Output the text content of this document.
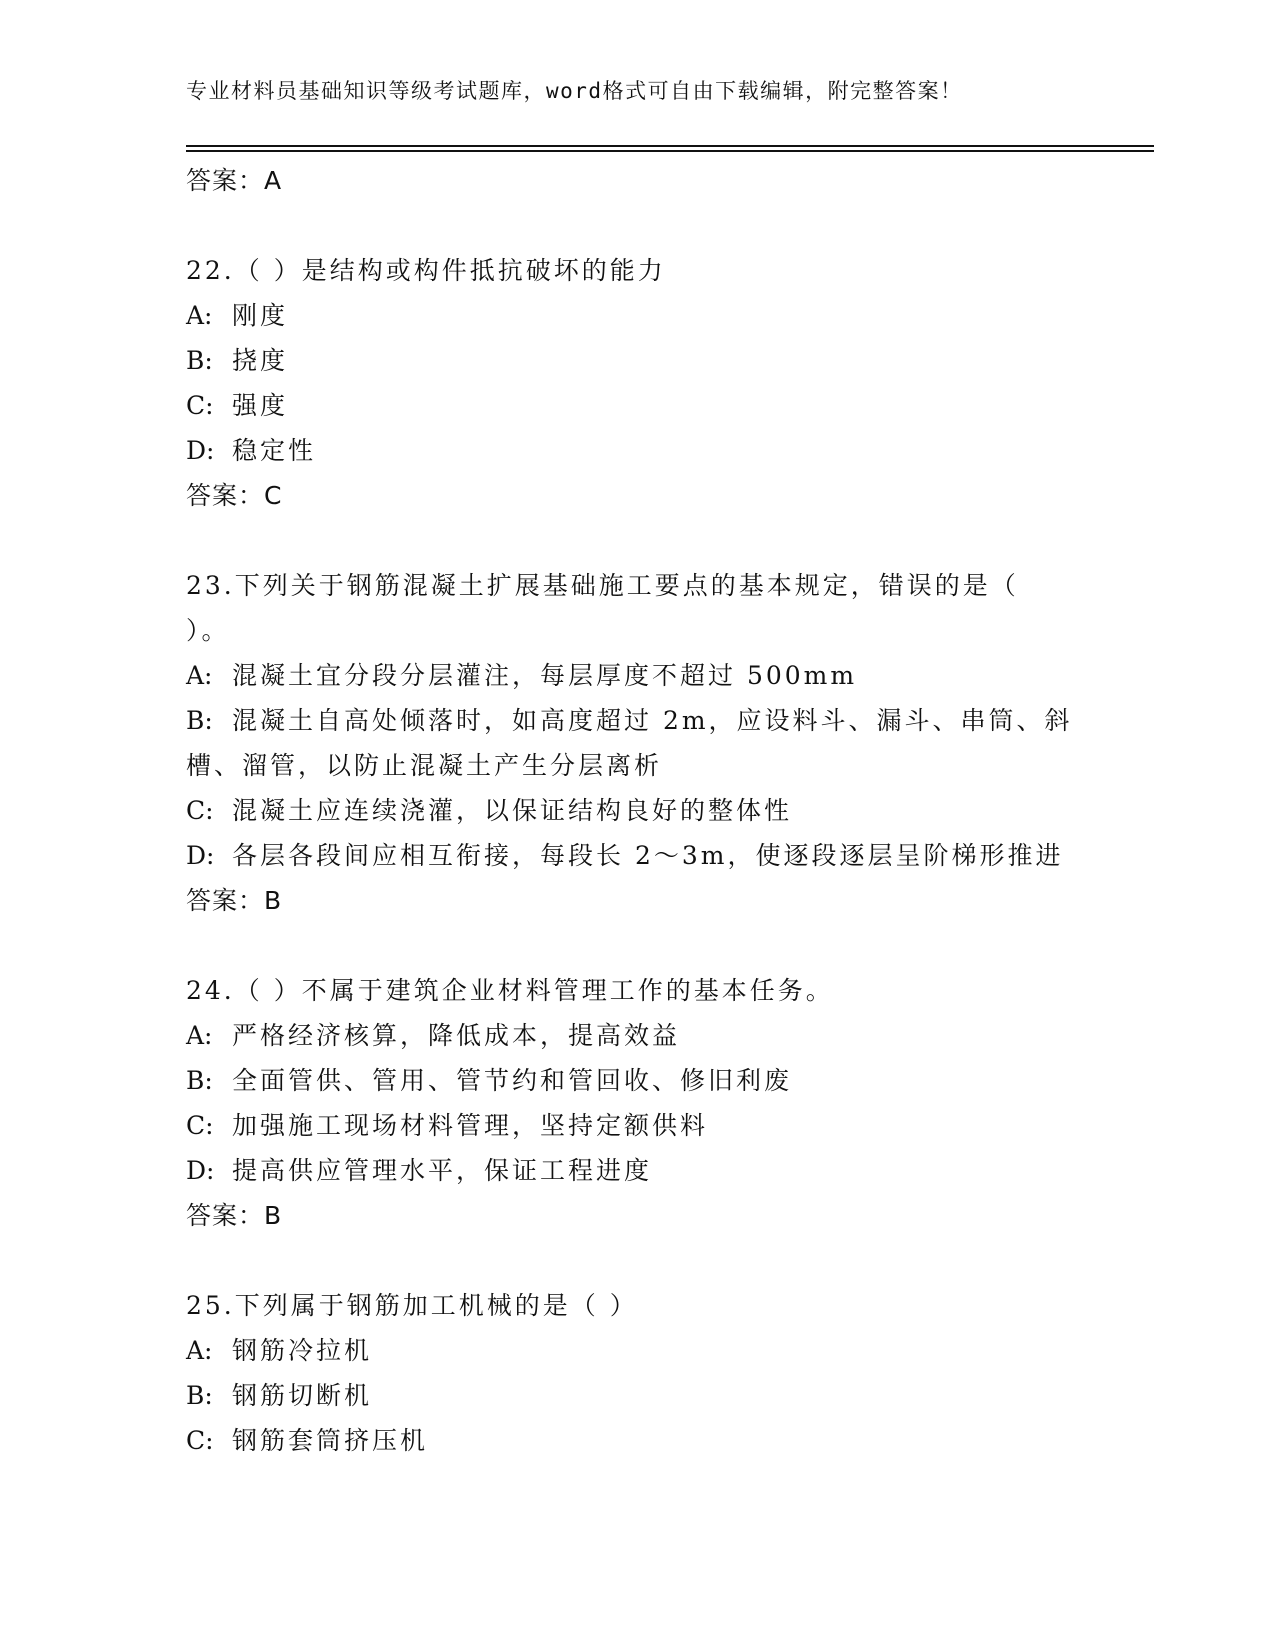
专业材料员基础知识等级考试题库，word格式可自由下载编辑，附完整答案！
答案：A
22.（ ）是结构或构件抵抗破坏的能力
A: 刚度
B: 挠度
C: 强度
D: 稳定性
答案：C
23.下列关于钢筋混凝土扩展基础施工要点的基本规定，错误的是（
）。
A: 混凝土宜分段分层灌注，每层厚度不超过 500mm
B: 混凝土自高处倾落时，如高度超过 2m，应设料斗、漏斗、串筒、斜
槽、溜管，以防止混凝土产生分层离析
C: 混凝土应连续浇灌，以保证结构良好的整体性
D: 各层各段间应相互衔接，每段长 2～3m，使逐段逐层呈阶梯形推进
答案：B
24.（ ）不属于建筑企业材料管理工作的基本任务。
A: 严格经济核算，降低成本，提高效益
B: 全面管供、管用、管节约和管回收、修旧利废
C: 加强施工现场材料管理，坚持定额供料
D: 提高供应管理水平，保证工程进度
答案：B
25.下列属于钢筋加工机械的是（ ）
A: 钢筋冷拉机
B: 钢筋切断机
C: 钢筋套筒挤压机
